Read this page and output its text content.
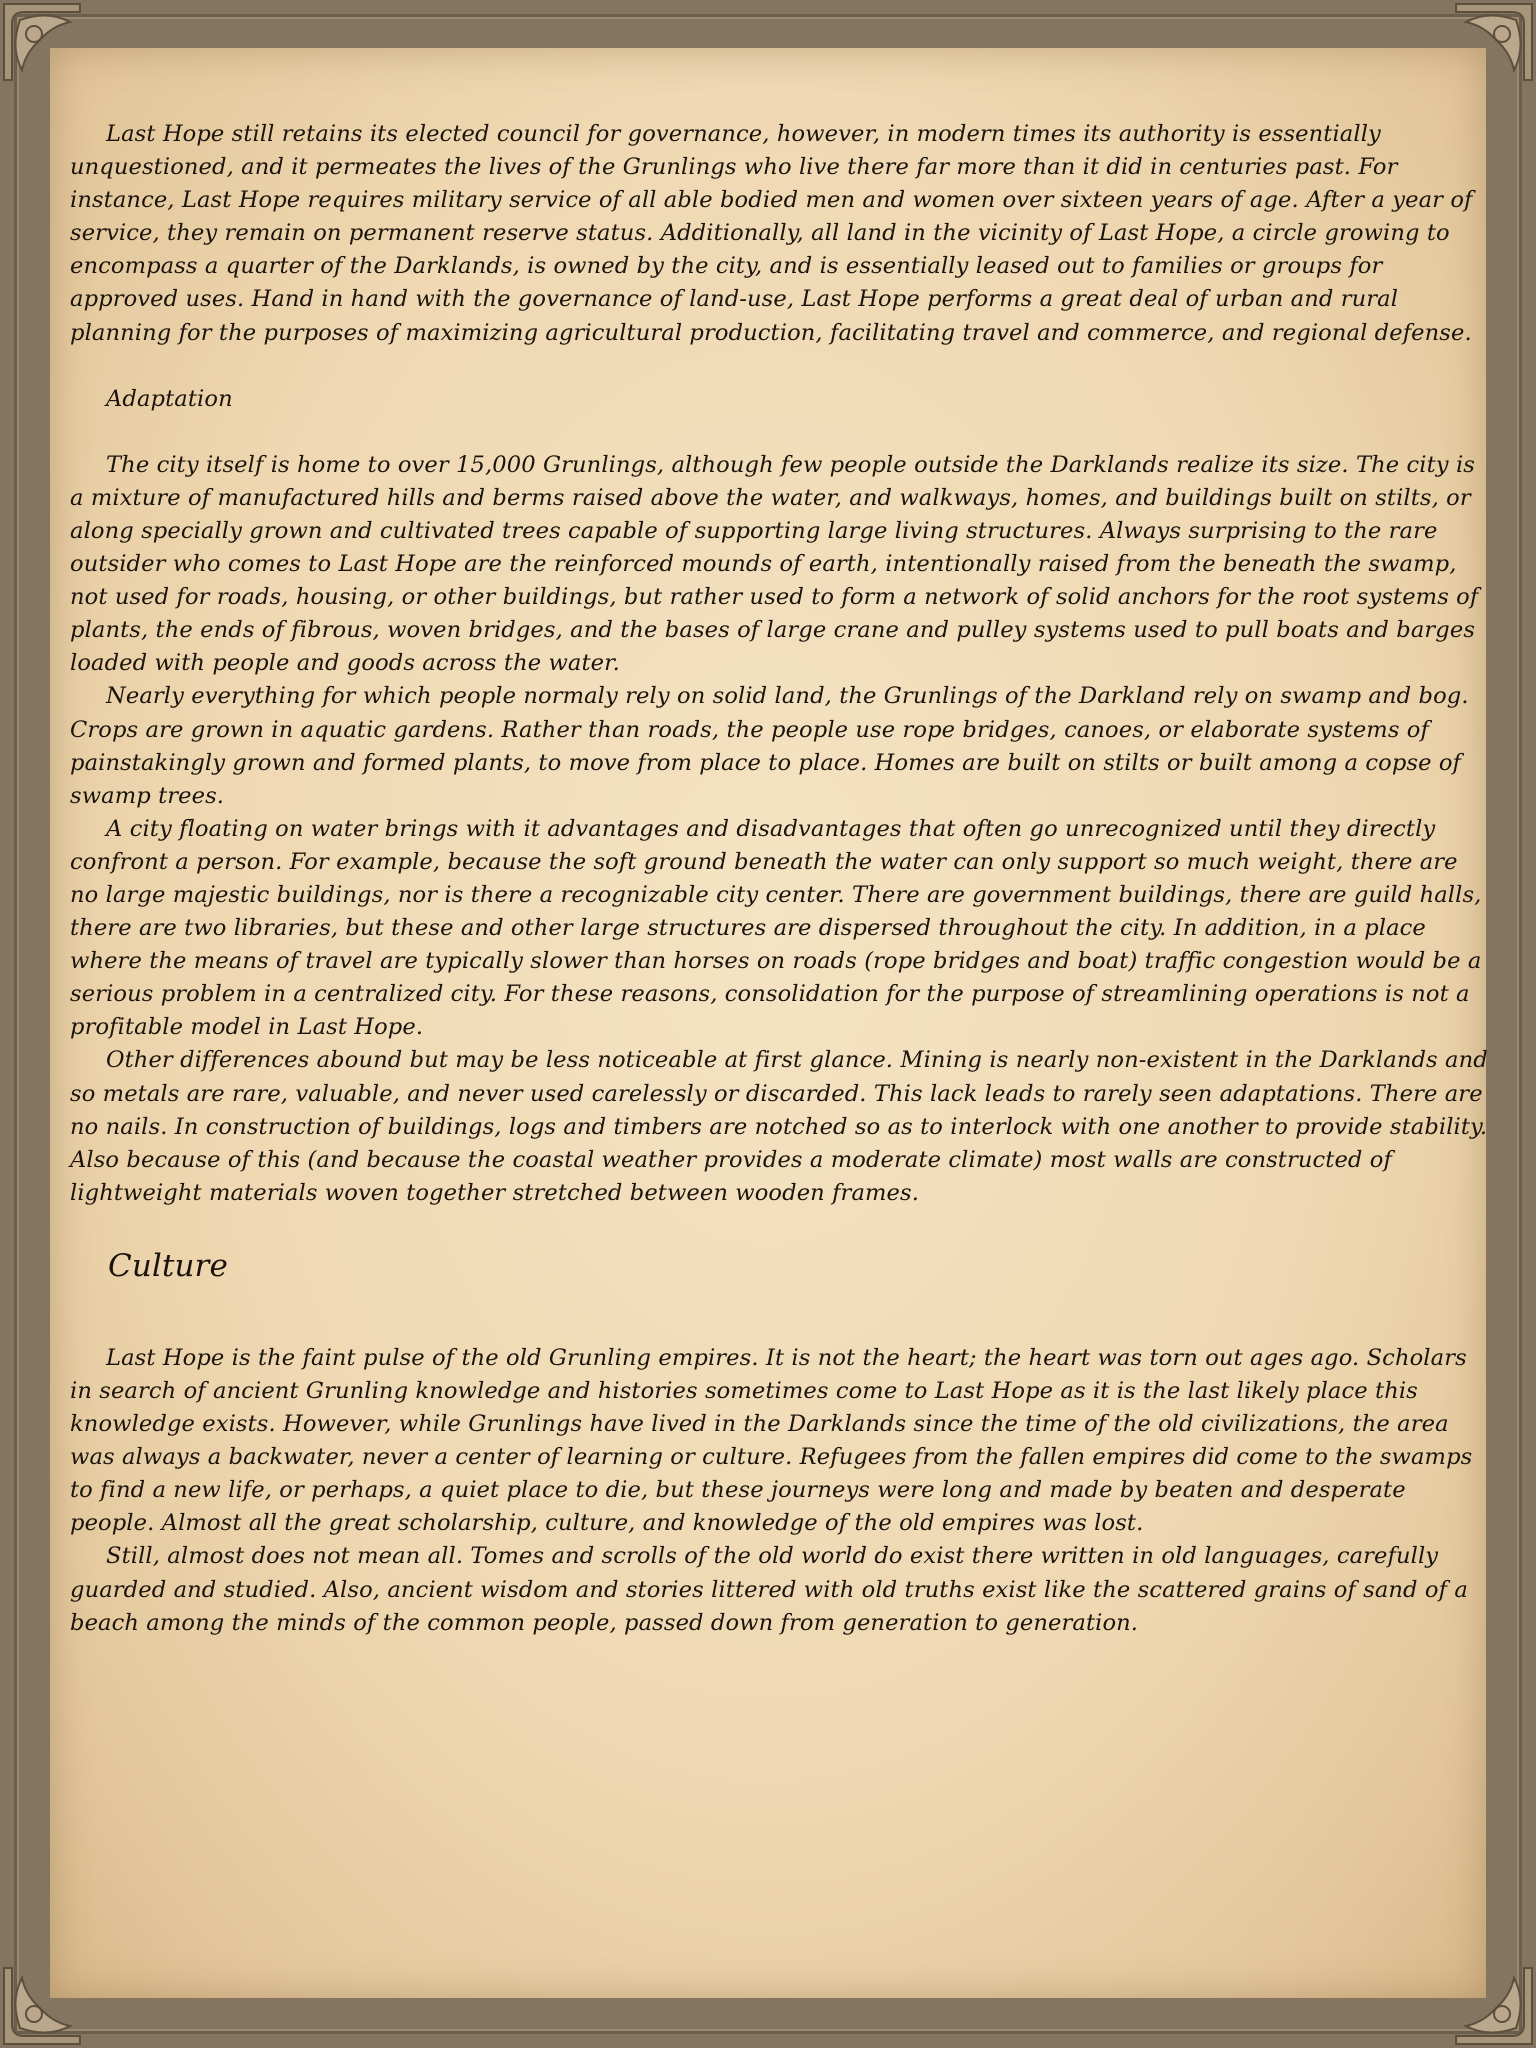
Last Hope still retains its elected council for governance, however, in modern times its authority is essentially unquestioned, and it permeates the lives of the Grunlings who live there far more than it did in centuries past. For instance, Last Hope requires military service of all able bodied men and women over sixteen years of age. After a year of service, they remain on permanent reserve status. Additionally, all land in the vicinity of Last Hope, a circle growing to encompass a quarter of the Darklands, is owned by the city, and is essentially leased out to families or groups for approved uses. Hand in hand with the governance of land-use, Last Hope performs a great deal of urban and rural planning for the purposes of maximizing agricultural production, facilitating travel and commerce, and regional defense.

Adaptation

The city itself is home to over 15,000 Grunlings, although few people outside the Darklands realize its size. The city is a mixture of manufactured hills and berms raised above the water, and walkways, homes, and buildings built on stilts, or along specially grown and cultivated trees capable of supporting large living structures. Always surprising to the rare outsider who comes to Last Hope are the reinforced mounds of earth, intentionally raised from the beneath the swamp, not used for roads, housing, or other buildings, but rather used to form a network of solid anchors for the root systems of plants, the ends of fibrous, woven bridges, and the bases of large crane and pulley systems used to pull boats and barges loaded with people and goods across the water.

Nearly everything for which people normaly rely on solid land, the Grunlings of the Darkland rely on swamp and bog. Crops are grown in aquatic gardens. Rather than roads, the people use rope bridges, canoes, or elaborate systems of painstakingly grown and formed plants, to move from place to place. Homes are built on stilts or built among a copse of swamp trees.

A city floating on water brings with it advantages and disadvantages that often go unrecognized until they directly confront a person. For example, because the soft ground beneath the water can only support so much weight, there are no large majestic buildings, nor is there a recognizable city center. There are government buildings, there are guild halls, there are two libraries, but these and other large structures are dispersed throughout the city. In addition, in a place where the means of travel are typically slower than horses on roads (rope bridges and boat) traffic congestion would be a serious problem in a centralized city. For these reasons, consolidation for the purpose of streamlining operations is not a profitable model in Last Hope.

Other differences abound but may be less noticeable at first glance. Mining is nearly non-existent in the Darklands and so metals are rare, valuable, and never used carelessly or discarded. This lack leads to rarely seen adaptations. There are no nails. In construction of buildings, logs and timbers are notched so as to interlock with one another to provide stability. Also because of this (and because the coastal weather provides a moderate climate) most walls are constructed of lightweight materials woven together stretched between wooden frames.

Culture

Last Hope is the faint pulse of the old Grunling empires. It is not the heart; the heart was torn out ages ago. Scholars in search of ancient Grunling knowledge and histories sometimes come to Last Hope as it is the last likely place this knowledge exists. However, while Grunlings have lived in the Darklands since the time of the old civilizations, the area was always a backwater, never a center of learning or culture. Refugees from the fallen empires did come to the swamps to find a new life, or perhaps, a quiet place to die, but these journeys were long and made by beaten and desperate people. Almost all the great scholarship, culture, and knowledge of the old empires was lost.

Still, almost does not mean all. Tomes and scrolls of the old world do exist there written in old languages, carefully guarded and studied. Also, ancient wisdom and stories littered with old truths exist like the scattered grains of sand of a beach among the minds of the common people, passed down from generation to generation.
